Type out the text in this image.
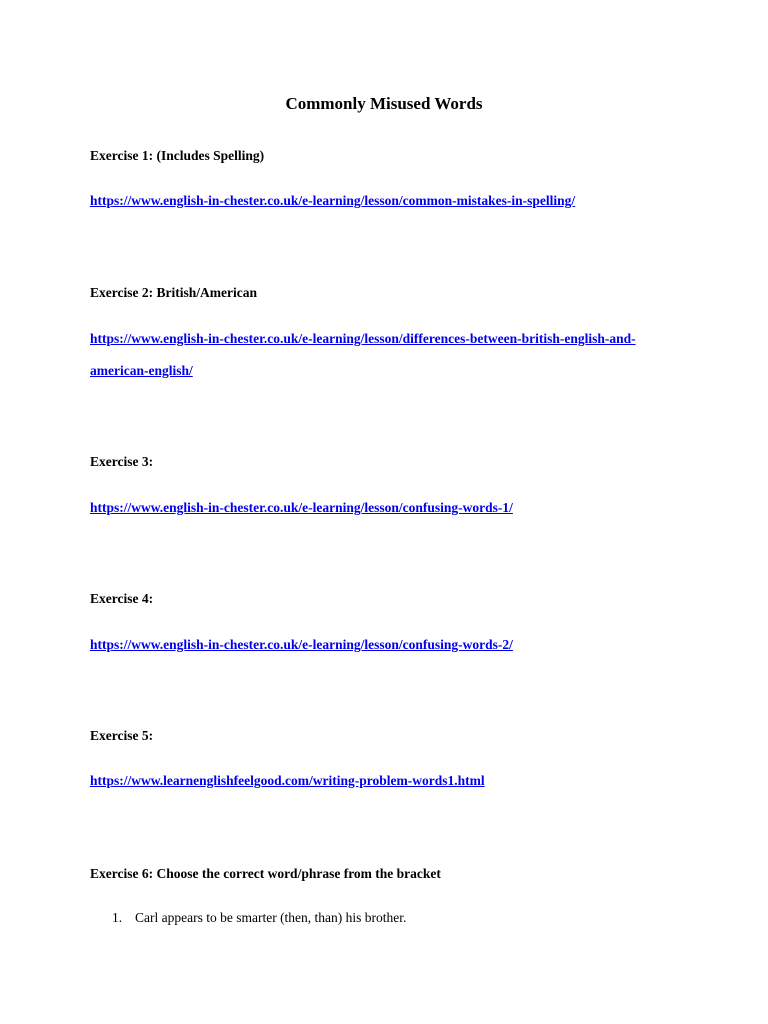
Commonly Misused Words

Exercise 1: (Includes Spelling)

https://www.english-in-chester.co.uk/e-learning/lesson/common-mistakes-in-spelling/

Exercise 2: British/American

https://www.english-in-chester.co.uk/e-learning/lesson/differences-between-british-english-and-
american-english/

Exercise 3:

https://www.english-in-chester.co.uk/e-learning/lesson/confusing-words-1/

Exercise 4:

https://www.english-in-chester.co.uk/e-learning/lesson/confusing-words-2/

Exercise 5:

https://www.learnenglishfeelgood.com/writing-problem-words1.html

Exercise 6: Choose the correct word/phrase from the bracket

1. Carl appears to be smarter (then, than) his brother.
